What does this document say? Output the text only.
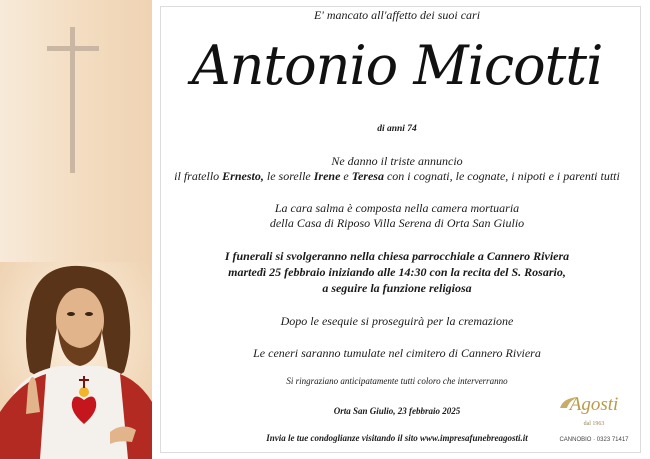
E' mancato all'affetto dei suoi cari
Antonio Micotti
di anni 74
Ne danno il triste annuncio
il fratello Ernesto, le sorelle Irene e Teresa con i cognati, le cognate, i nipoti e i parenti tutti
La cara salma è composta nella camera mortuaria
della Casa di Riposo Villa Serena di Orta San Giulio
I funerali si svolgeranno nella chiesa parrocchiale a Cannero Riviera
martedì 25 febbraio iniziando alle 14:30 con la recita del S. Rosario,
a seguire la funzione religiosa
Dopo le esequie si proseguirà per la cremazione
Le ceneri saranno tumulate nel cimitero di Cannero Riviera
Si ringraziano anticipatamente tutti coloro che interverranno
Orta San Giulio, 23 febbraio 2025
Invia le tue condoglianze visitando il sito www.impresafunebreagosti.it
Agosti
dal 1963
CANNOBIO · 0323 71417
